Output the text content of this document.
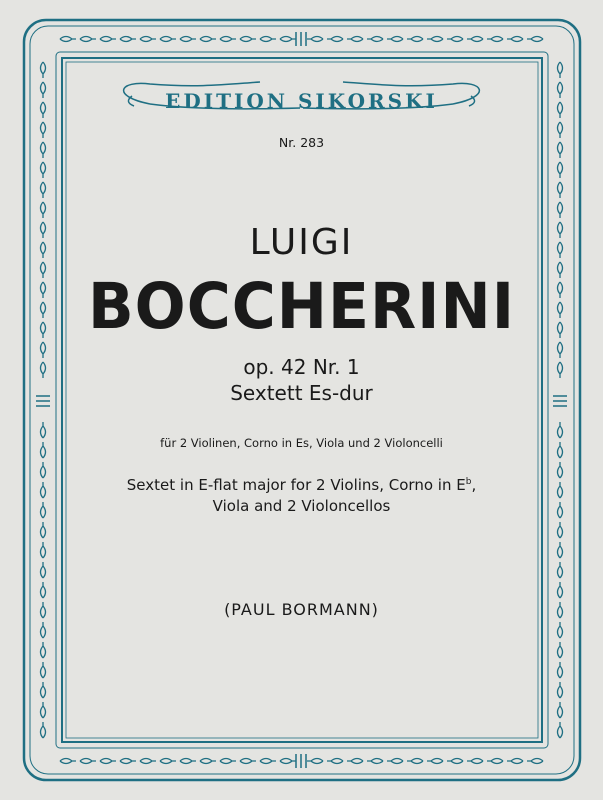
EDITION SIKORSKI
Nr. 283
LUIGI
BOCCHERINI
op. 42 Nr. 1
Sextett Es-dur
für 2 Violinen, Corno in Es, Viola und 2 Violoncelli
Sextet in E-flat major for 2 Violins, Corno in $E^b$,
Viola and 2 Violoncellos
(PAUL BORMANN)
